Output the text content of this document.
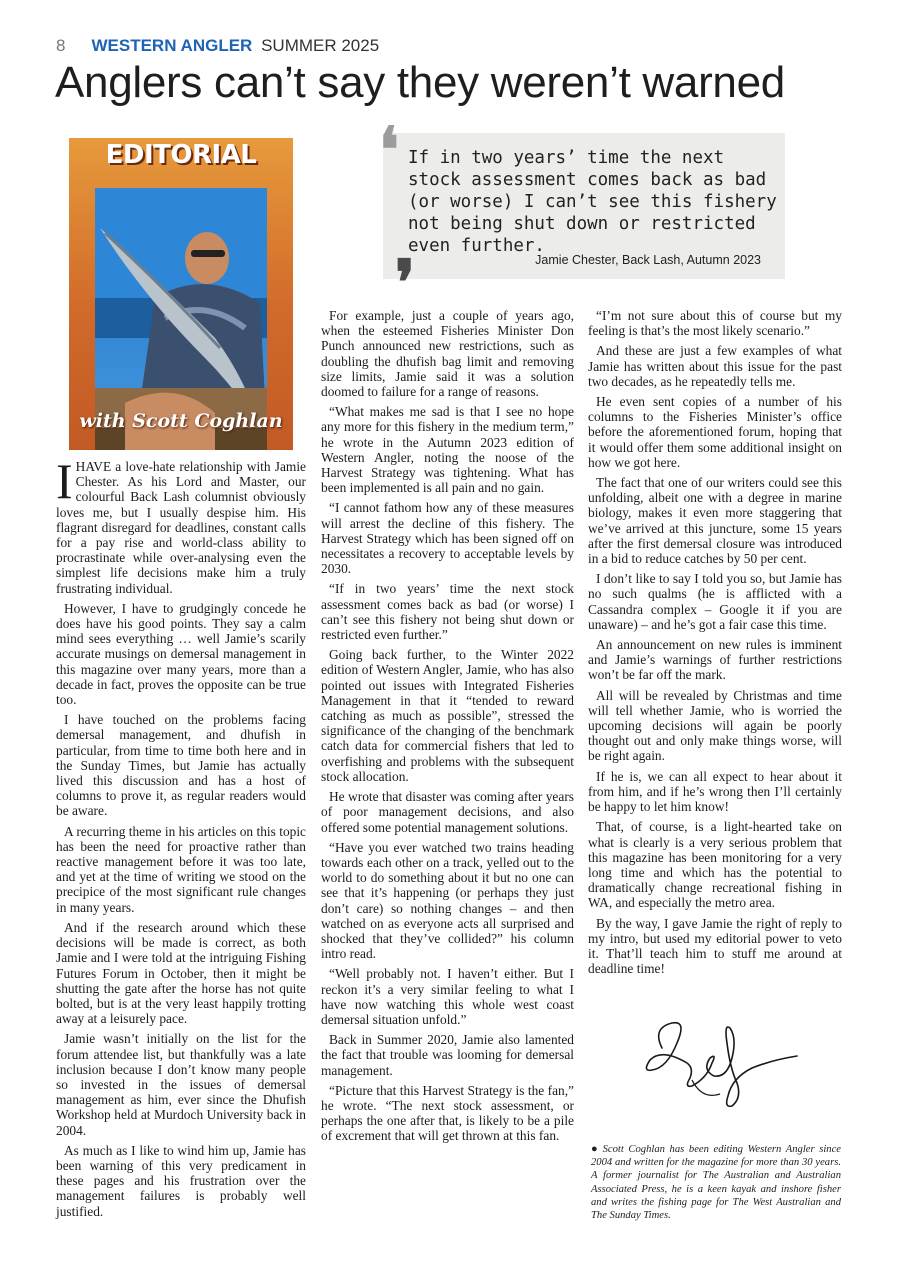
8 WESTERN ANGLER SUMMER 2025
Anglers can’t say they weren’t warned
EDITORIAL
with Scott Coghlan
❛ If in two years’ time the next stock assessment comes back as bad (or worse) I can’t see this fishery not being shut down or restricted even further.
Jamie Chester, Back Lash, Autumn 2023
❜

IHAVE a love-hate relationship with Jamie Chester. As his Lord and Master, our colourful Back Lash columnist obviously loves me, but I usually despise him. His flagrant disregard for deadlines, constant calls for a pay rise and world-class ability to procrastinate while over-analysing even the simplest life decisions make him a truly frustrating individual.

However, I have to grudgingly concede he does have his good points. They say a calm mind sees everything … well Jamie’s scarily accurate musings on demersal management in this magazine over many years, more than a decade in fact, proves the opposite can be true too.

I have touched on the problems facing demersal management, and dhufish in particular, from time to time both here and in the Sunday Times, but Jamie has actually lived this discussion and has a host of columns to prove it, as regular readers would be aware.

A recurring theme in his articles on this topic has been the need for proactive rather than reactive management before it was too late, and yet at the time of writing we stood on the precipice of the most significant rule changes in many years.

And if the research around which these decisions will be made is correct, as both Jamie and I were told at the intriguing Fishing Futures Forum in October, then it might be shutting the gate after the horse has not quite bolted, but is at the very least happily trotting away at a leisurely pace.

Jamie wasn’t initially on the list for the forum attendee list, but thankfully was a late inclusion because I don’t know many people so invested in the issues of demersal management as him, ever since the Dhufish Workshop held at Murdoch University back in 2004.

As much as I like to wind him up, Jamie has been warning of this very predicament in these pages and his frustration over the management failures is probably well justified.

For example, just a couple of years ago, when the esteemed Fisheries Minister Don Punch announced new restrictions, such as doubling the dhufish bag limit and removing size limits, Jamie said it was a solution doomed to failure for a range of reasons.

“What makes me sad is that I see no hope any more for this fishery in the medium term,” he wrote in the Autumn 2023 edition of Western Angler, noting the noose of the Harvest Strategy was tightening. What has been implemented is all pain and no gain.

“I cannot fathom how any of these measures will arrest the decline of this fishery. The Harvest Strategy which has been signed off on necessitates a recovery to acceptable levels by 2030.

“If in two years’ time the next stock assessment comes back as bad (or worse) I can’t see this fishery not being shut down or restricted even further.”

Going back further, to the Winter 2022 edition of Western Angler, Jamie, who has also pointed out issues with Integrated Fisheries Management in that it “tended to reward catching as much as possible”, stressed the significance of the changing of the benchmark catch data for commercial fishers that led to overfishing and problems with the subsequent stock allocation.

He wrote that disaster was coming after years of poor management decisions, and also offered some potential management solutions.

“Have you ever watched two trains heading towards each other on a track, yelled out to the world to do something about it but no one can see that it’s happening (or perhaps they just don’t care) so nothing changes – and then watched on as everyone acts all surprised and shocked that they’ve collided?” his column intro read.

“Well probably not. I haven’t either. But I reckon it’s a very similar feeling to what I have now watching this whole west coast demersal situation unfold.”

Back in Summer 2020, Jamie also lamented the fact that trouble was looming for demersal management.

“Picture that this Harvest Strategy is the fan,” he wrote. “The next stock assessment, or perhaps the one after that, is likely to be a pile of excrement that will get thrown at this fan.

“I’m not sure about this of course but my feeling is that’s the most likely scenario.”

And these are just a few examples of what Jamie has written about this issue for the past two decades, as he repeatedly tells me.

He even sent copies of a number of his columns to the Fisheries Minister’s office before the aforementioned forum, hoping that it would offer them some additional insight on how we got here.

The fact that one of our writers could see this unfolding, albeit one with a degree in marine biology, makes it even more staggering that we’ve arrived at this juncture, some 15 years after the first demersal closure was introduced in a bid to reduce catches by 50 per cent.

I don’t like to say I told you so, but Jamie has no such qualms (he is afflicted with a Cassandra complex – Google it if you are unaware) – and he’s got a fair case this time.

An announcement on new rules is imminent and Jamie’s warnings of further restrictions won’t be far off the mark.

All will be revealed by Christmas and time will tell whether Jamie, who is worried the upcoming decisions will again be poorly thought out and only make things worse, will be right again.

If he is, we can all expect to hear about it from him, and if he’s wrong then I’ll certainly be happy to let him know!

That, of course, is a light-hearted take on what is clearly is a very serious problem that this magazine has been monitoring for a very long time and which has the potential to dramatically change recreational fishing in WA, and especially the metro area.

By the way, I gave Jamie the right of reply to my intro, but used my editorial power to veto it. That’ll teach him to stuff me around at deadline time!

● Scott Coghlan has been editing Western Angler since 2004 and written for the magazine for more than 30 years. A former journalist for The Australian and Australian Associated Press, he is a keen kayak and inshore fisher and writes the fishing page for The West Australian and The Sunday Times.
